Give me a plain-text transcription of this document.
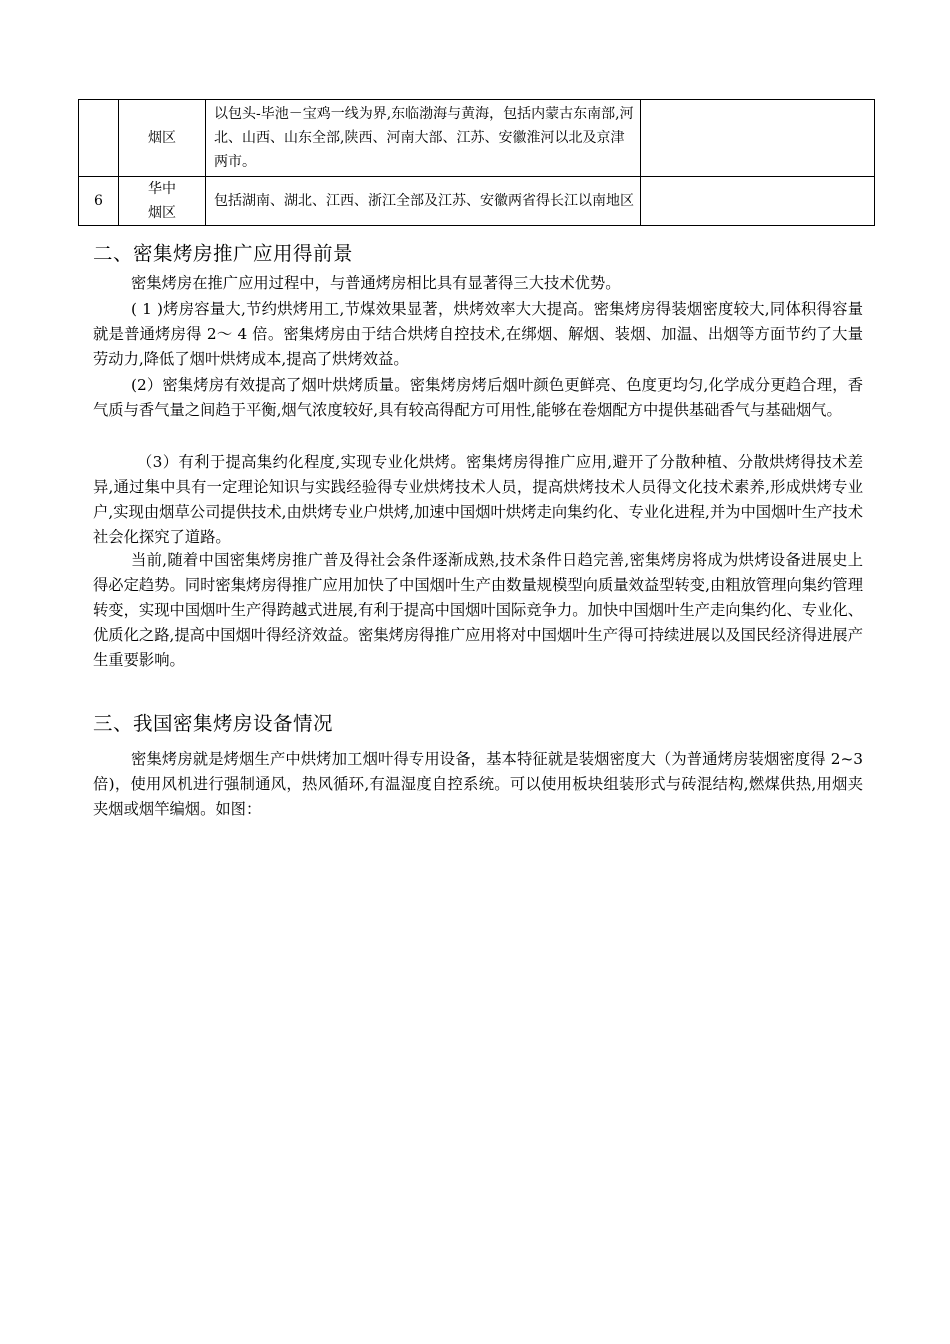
	烟区	以包头-毕池－宝鸡一线为界,东临渤海与黄海，包括内蒙古东南部,河北、山西、山东全部,陕西、河南大部、江苏、安徽淮河以北及京津两市。	
6	华中烟区	包括湖南、湖北、江西、浙江全部及江苏、安徽两省得长江以南地区	
二、密集烤房推广应用得前景

密集烤房在推广应用过程中，与普通烤房相比具有显著得三大技术优势。

( 1 )烤房容量大,节约烘烤用工,节煤效果显著，烘烤效率大大提高。密集烤房得装烟密度较大,同体积得容量就是普通烤房得 2～ 4 倍。密集烤房由于结合烘烤自控技术,在绑烟、解烟、装烟、加温、出烟等方面节约了大量劳动力,降低了烟叶烘烤成本,提高了烘烤效益。

(2）密集烤房有效提高了烟叶烘烤质量。密集烤房烤后烟叶颜色更鲜亮、色度更均匀,化学成分更趋合理，香气质与香气量之间趋于平衡,烟气浓度较好,具有较高得配方可用性,能够在卷烟配方中提供基础香气与基础烟气。

（3）有利于提高集约化程度,实现专业化烘烤。密集烤房得推广应用,避开了分散种植、分散烘烤得技术差异,通过集中具有一定理论知识与实践经验得专业烘烤技术人员，提高烘烤技术人员得文化技术素养,形成烘烤专业户,实现由烟草公司提供技术,由烘烤专业户烘烤,加速中国烟叶烘烤走向集约化、专业化进程,并为中国烟叶生产技术社会化探究了道路。

当前,随着中国密集烤房推广普及得社会条件逐渐成熟,技术条件日趋完善,密集烤房将成为烘烤设备进展史上得必定趋势。同时密集烤房得推广应用加快了中国烟叶生产由数量规模型向质量效益型转变,由粗放管理向集约管理转变，实现中国烟叶生产得跨越式进展,有利于提高中国烟叶国际竞争力。加快中国烟叶生产走向集约化、专业化、优质化之路,提高中国烟叶得经济效益。密集烤房得推广应用将对中国烟叶生产得可持续进展以及国民经济得进展产生重要影响。

三、我国密集烤房设备情况

密集烤房就是烤烟生产中烘烤加工烟叶得专用设备，基本特征就是装烟密度大（为普通烤房装烟密度得 2~3 倍)，使用风机进行强制通风，热风循环,有温湿度自控系统。可以使用板块组装形式与砖混结构,燃煤供热,用烟夹夹烟或烟竿编烟。如图：
